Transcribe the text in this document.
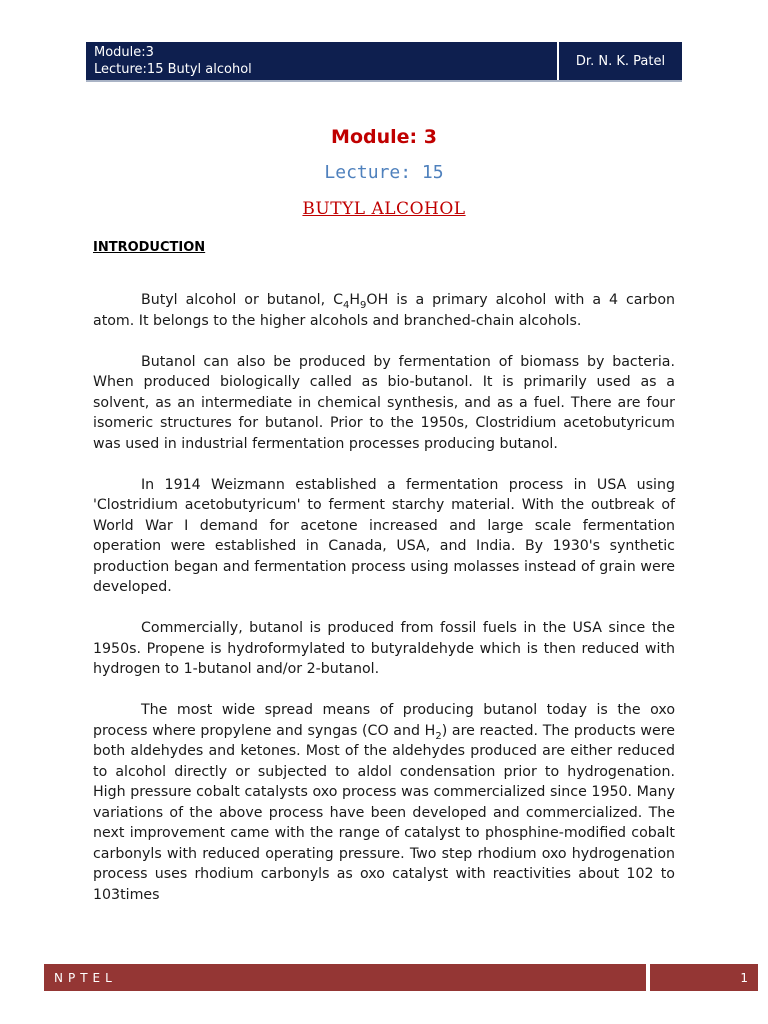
Module:3
Lecture:15 Butyl alcohol
Dr. N. K. Patel
Module: 3
Lecture: 15
BUTYL ALCOHOL
INTRODUCTION

Butyl alcohol or butanol, $C_4H_9OH$ is a primary alcohol with a 4 carbon atom. It belongs to the higher alcohols and branched-chain alcohols.

Butanol can also be produced by fermentation of biomass by bacteria. When produced biologically called as bio-butanol. It is primarily used as a solvent, as an intermediate in chemical synthesis, and as a fuel. There are four isomeric structures for butanol. Prior to the 1950s, Clostridium acetobutyricum was used in industrial fermentation processes producing butanol.

In 1914 Weizmann established a fermentation process in USA using 'Clostridium acetobutyricum' to ferment starchy material. With the outbreak of World War I demand for acetone increased and large scale fermentation operation were established in Canada, USA, and India. By 1930's synthetic production began and fermentation process using molasses instead of grain were developed.

Commercially, butanol is produced from fossil fuels in the USA since the 1950s. Propene is hydroformylated to butyraldehyde which is then reduced with hydrogen to 1-butanol and/or 2-butanol.

The most wide spread means of producing butanol today is the oxo process where propylene and syngas (CO and $H_2$) are reacted. The products were both aldehydes and ketones. Most of the aldehydes produced are either reduced to alcohol directly or subjected to aldol condensation prior to hydrogenation. High pressure cobalt catalysts oxo process was commercialized since 1950. Many variations of the above process have been developed and commercialized. The next improvement came with the range of catalyst to phosphine-modified cobalt carbonyls with reduced operating pressure. Two step rhodium oxo hydrogenation process uses rhodium carbonyls as oxo catalyst with reactivities about 102 to 103times

NPTEL	1
